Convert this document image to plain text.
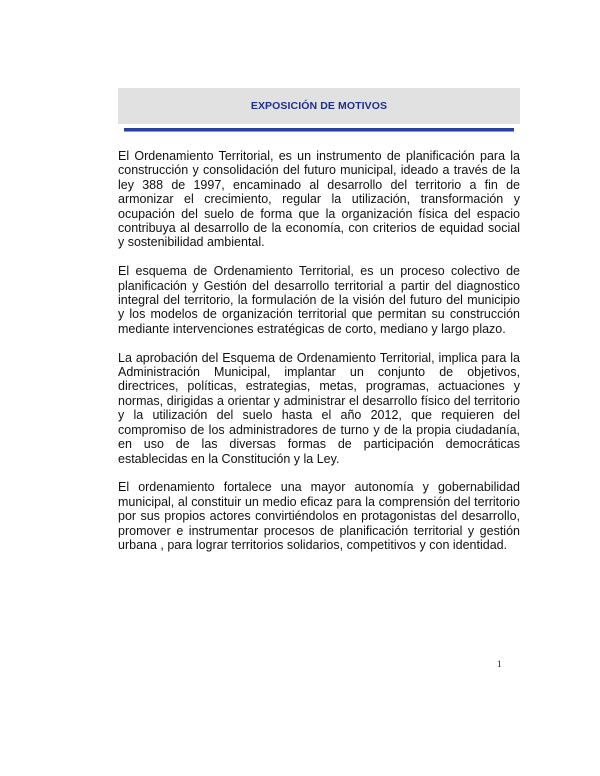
EXPOSICIÓN DE MOTIVOS

El Ordenamiento Territorial, es un instrumento de planificación para la construcción y consolidación del futuro municipal, ideado a través de la ley 388 de 1997, encaminado al desarrollo del territorio a fin de armonizar el crecimiento, regular la utilización, transformación y ocupación del suelo de forma que la organización física del espacio contribuya al desarrollo de la economía, con criterios de equidad social y sostenibilidad ambiental.

El esquema de Ordenamiento Territorial, es un proceso colectivo de planificación y Gestión del desarrollo territorial a partir del diagnostico integral del territorio, la formulación de la visión del futuro del municipio y los modelos de organización territorial que permitan su construcción mediante intervenciones estratégicas de corto, mediano y largo plazo.

La aprobación del Esquema de Ordenamiento Territorial, implica para la Administración Municipal, implantar un conjunto de objetivos, directrices, políticas, estrategias, metas, programas, actuaciones y normas, dirigidas a orientar y administrar el desarrollo físico del territorio y la utilización del suelo hasta el año 2012, que requieren del compromiso de los administradores de turno y de la propia ciudadanía, en uso de las diversas formas de participación democráticas establecidas en la Constitución y la Ley.

El ordenamiento fortalece una mayor autonomía y gobernabilidad municipal, al constituir un medio eficaz para la comprensión del territorio por sus propios actores convirtiéndolos en protagonistas del desarrollo, promover e instrumentar procesos de planificación territorial y gestión urbana , para lograr territorios solidarios, competitivos y con identidad.

1
